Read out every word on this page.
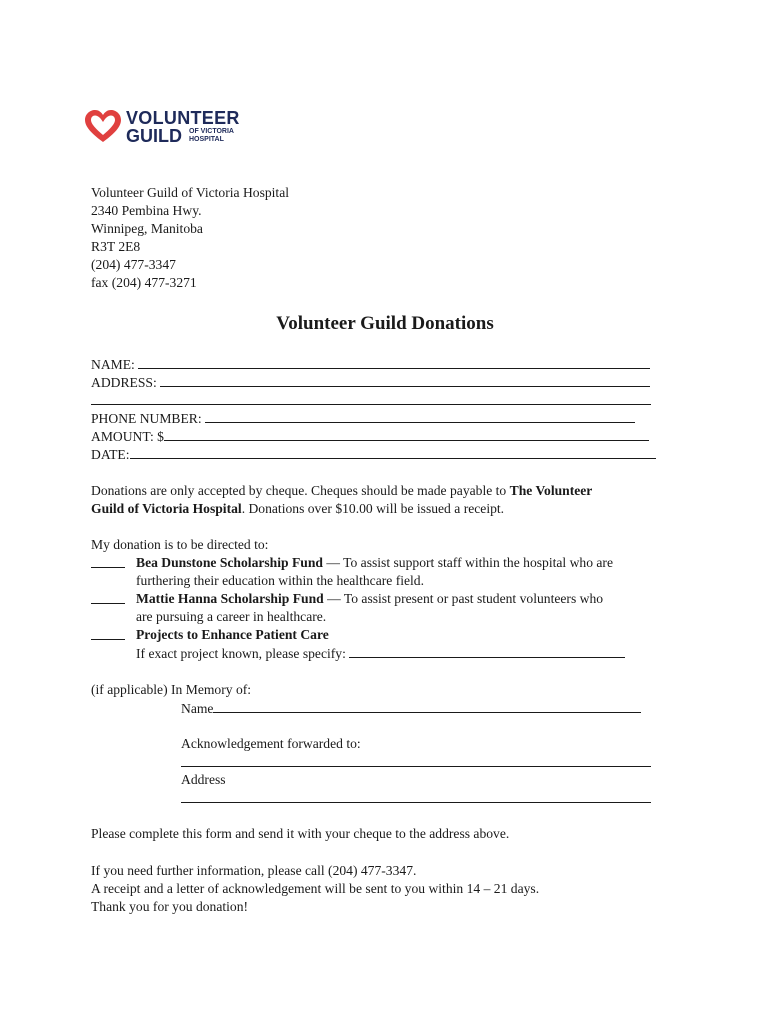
VOLUNTEER
GUILD OF VICTORIA
HOSPITAL
Volunteer Guild of Victoria Hospital
2340 Pembina Hwy.
Winnipeg, Manitoba
R3T 2E8
(204) 477-3347
fax (204) 477-3271
Volunteer Guild Donations
NAME:
ADDRESS:
PHONE NUMBER:
AMOUNT: $
DATE:
Donations are only accepted by cheque. Cheques should be made payable to The Volunteer
Guild of Victoria Hospital. Donations over $10.00 will be issued a receipt.
My donation is to be directed to:
Bea Dunstone Scholarship Fund — To assist support staff within the hospital who are
furthering their education within the healthcare field.
Mattie Hanna Scholarship Fund — To assist present or past student volunteers who
are pursuing a career in healthcare.
Projects to Enhance Patient Care
If exact project known, please specify:
(if applicable) In Memory of:
Name
Acknowledgement forwarded to:
Address
Please complete this form and send it with your cheque to the address above.
If you need further information, please call (204) 477-3347.
A receipt and a letter of acknowledgement will be sent to you within 14 – 21 days.
Thank you for you donation!
